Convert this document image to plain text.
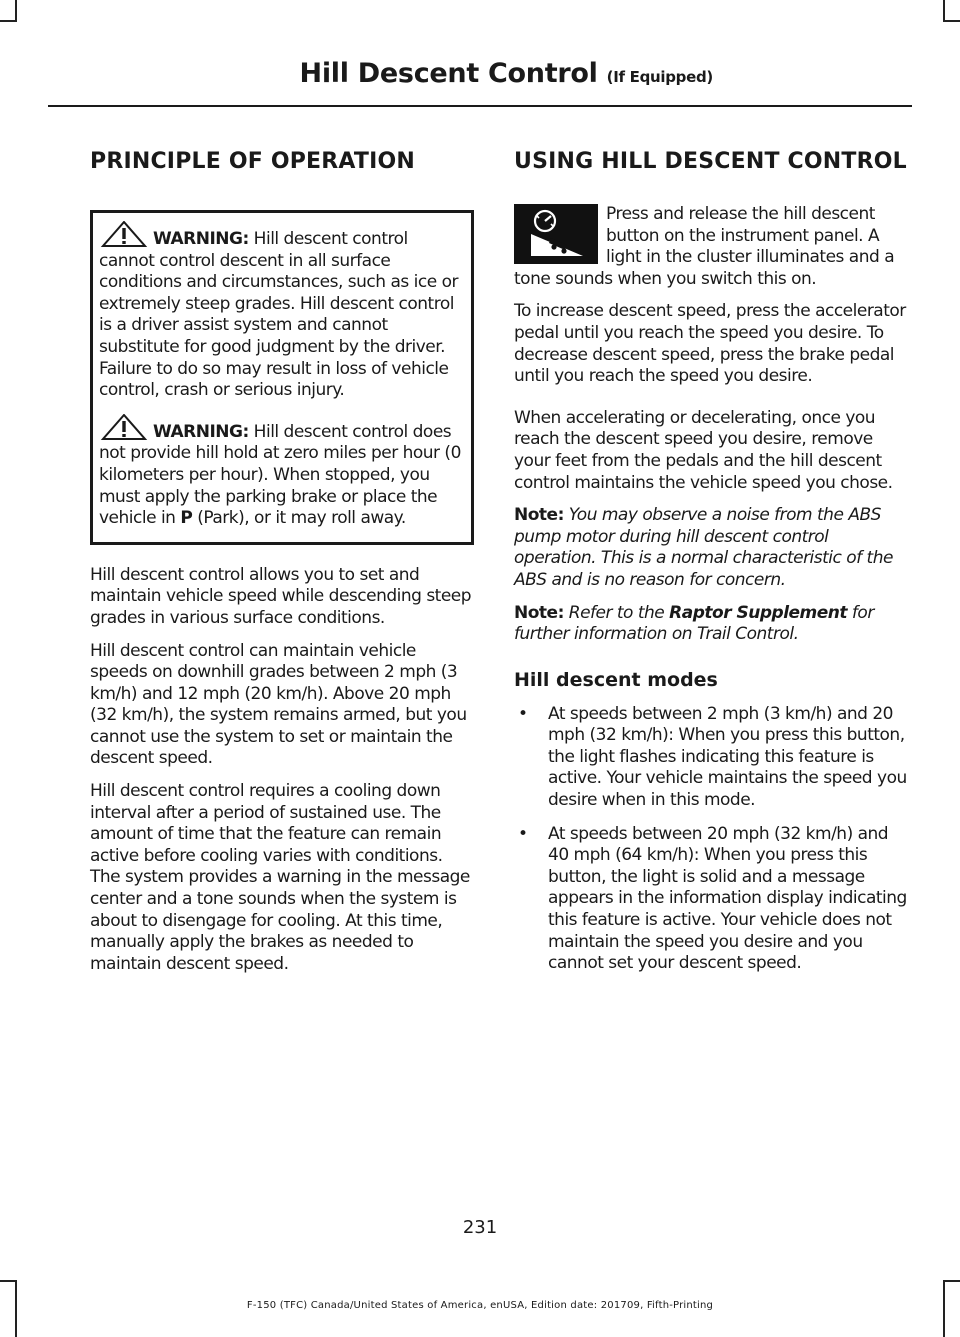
Hill Descent Control (If Equipped)
PRINCIPLE OF OPERATION
WARNING: Hill descent control cannot control descent in all surface conditions and circumstances, such as ice or extremely steep grades. Hill descent control is a driver assist system and cannot substitute for good judgment by the driver. Failure to do so may result in loss of vehicle control, crash or serious injury.
WARNING: Hill descent control does not provide hill hold at zero miles per hour (0 kilometers per hour). When stopped, you must apply the parking brake or place the vehicle in P (Park), or it may roll away.

Hill descent control allows you to set and maintain vehicle speed while descending steep grades in various surface conditions.

Hill descent control can maintain vehicle speeds on downhill grades between 2 mph (3 km/h) and 12 mph (20 km/h). Above 20 mph (32 km/h), the system remains armed, but you cannot use the system to set or maintain the descent speed.

Hill descent control requires a cooling down interval after a period of sustained use. The amount of time that the feature can remain active before cooling varies with conditions. The system provides a warning in the message center and a tone sounds when the system is about to disengage for cooling. At this time, manually apply the brakes as needed to maintain descent speed.

USING HILL DESCENT CONTROL

Press and release the hill descent button on the instrument panel. A light in the cluster illuminates and a tone sounds when you switch this on.

To increase descent speed, press the accelerator pedal until you reach the speed you desire. To decrease descent speed, press the brake pedal until you reach the speed you desire.

When accelerating or decelerating, once you reach the descent speed you desire, remove your feet from the pedals and the hill descent control maintains the vehicle speed you chose.

Note: You may observe a noise from the ABS pump motor during hill descent control operation. This is a normal characteristic of the ABS and is no reason for concern.

Note: Refer to the Raptor Supplement for further information on Trail Control.

Hill descent modes
• At speeds between 2 mph (3 km/h) and 20 mph (32 km/h): When you press this button, the light flashes indicating this feature is active. Your vehicle maintains the speed you desire when in this mode.
• At speeds between 20 mph (32 km/h) and 40 mph (64 km/h): When you press this button, the light is solid and a message appears in the information display indicating this feature is active. Your vehicle does not maintain the speed you desire and you cannot set your descent speed.
231
F-150 (TFC) Canada/United States of America, enUSA, Edition date: 201709, Fifth-Printing
